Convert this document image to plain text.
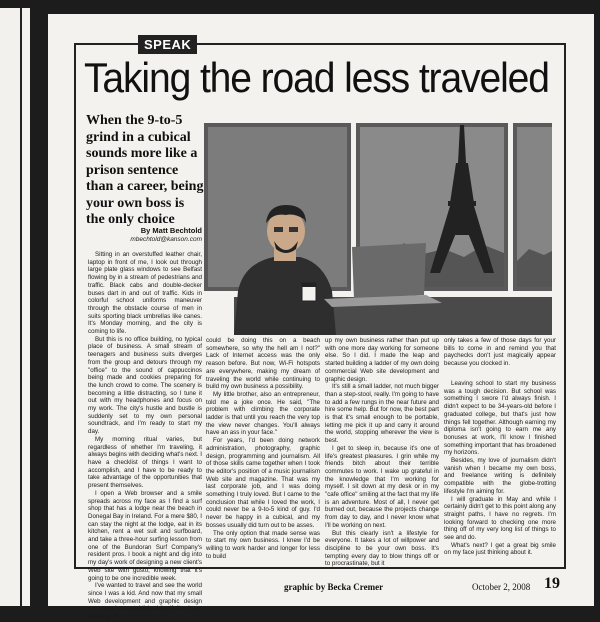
SPEAK
Taking the road less traveled
When the 9-to-5 grind in a cubical sounds more like a prison sentence than a career, being your own boss is the only choice
By Matt Bechtold
mbechtold@kanson.com

Sitting in an overstuffed leather chair, laptop in front of me, I look out through large plate glass windows to see Belfast flowing by in a stream of pedestrians and traffic. Black cabs and double-decker buses dart in and out of traffic. Kids in colorful school uniforms maneuver through the obstacle course of men in suits sporting black umbrellas like canes. It's Monday morning, and the city is coming to life.

But this is no office building, no typical place of business. A small stream of teenagers and business suits diverges from the group and detours through my "office" to the sound of cappuccinos being made and cookies preparing for the lunch crowd to come. The scenery is becoming a little distracting, so I tune it out with my headphones and focus on my work. The city's hustle and bustle is suddenly set to my own personal soundtrack, and I'm ready to start my day.

My morning ritual varies, but regardless of whether I'm traveling, it always begins with deciding what's next. I have a checklist of things I want to accomplish, and I have to be ready to take advantage of the opportunities that present themselves.

I open a Web browser and a smile spreads across my face as I find a surf shop that has a lodge near the beach in Donegal Bay in Ireland. For a mere $80, I can stay the night at the lodge, eat in its kitchen, rent a wet suit and surfboard, and take a three-hour surfing lesson from one of the Bundoran Surf Company's resident pros. I book a night and dig into my day's work of designing a new client's Web site with gusto, knowing that it's going to be one incredible week.

I've wanted to travel and see the world since I was a kid. And now that my small Web development and graphic design company has established itself, I've been thinking, "I

could be doing this on a beach somewhere, so why the hell am I not?" Lack of Internet access was the only reason before. But now, Wi-Fi hotspots are everywhere, making my dream of traveling the world while continuing to build my own business a possibility.

My little brother, also an entrepreneur, told me a joke once. He said, "The problem with climbing the corporate ladder is that until you reach the very top the view never changes. You'll always have an ass in your face."

For years, I'd been doing network administration, photography, graphic design, programming and journalism. All of those skills came together when I took the editor's position of a music journalism Web site and magazine. That was my last corporate job, and I was doing something I truly loved. But I came to the conclusion that while I loved the work, I could never be a 9-to-5 kind of guy. I'd never be happy in a cubical, and my bosses usually did turn out to be asses.

The only option that made sense was to start my own business. I knew I'd be willing to work harder and longer for less to build

up my own business rather than put up with one more day working for someone else. So I did. I made the leap and started building a ladder of my own doing commercial Web site development and graphic design.

It's still a small ladder, not much bigger than a step-stool, really. I'm going to have to add a few rungs in the near future and hire some help. But for now, the best part is that it's small enough to be portable, letting me pick it up and carry it around the world, stopping wherever the view is best.

I get to sleep in, because it's one of life's greatest pleasures. I grin while my friends bitch about their terrible commutes to work. I wake up grateful in the knowledge that I'm working for myself. I sit down at my desk or in my "cafe office" smiling at the fact that my life is an adventure. Most of all, I never get burned out, because the projects change from day to day, and I never know what I'll be working on next.

But this clearly isn't a lifestyle for everyone. It takes a lot of willpower and discipline to be your own boss. It's tempting every day to blow things off or to procrastinate, but it

only takes a few of those days for your bills to come in and remind you that paychecks don't just magically appear because you clocked in.

Leaving school to start my business was a tough decision. But school was something I swore I'd always finish. I didn't expect to be 34-years-old before I graduated college, but that's just how things fell together. Although earning my diploma isn't going to earn me any bonuses at work, I'll know I finished something important that has broadened my horizons.

Besides, my love of journalism didn't vanish when I became my own boss, and freelance writing is definitely compatible with the globe-trotting lifestyle I'm aiming for.

I will graduate in May and while I certainly didn't get to this point along any straight paths, I have no regrets. I'm looking forward to checking one more thing off of my very long list of things to see and do.

What's next? I get a great big smile on my face just thinking about it.

graphic by Becka Cremer	October 2, 2008 19
